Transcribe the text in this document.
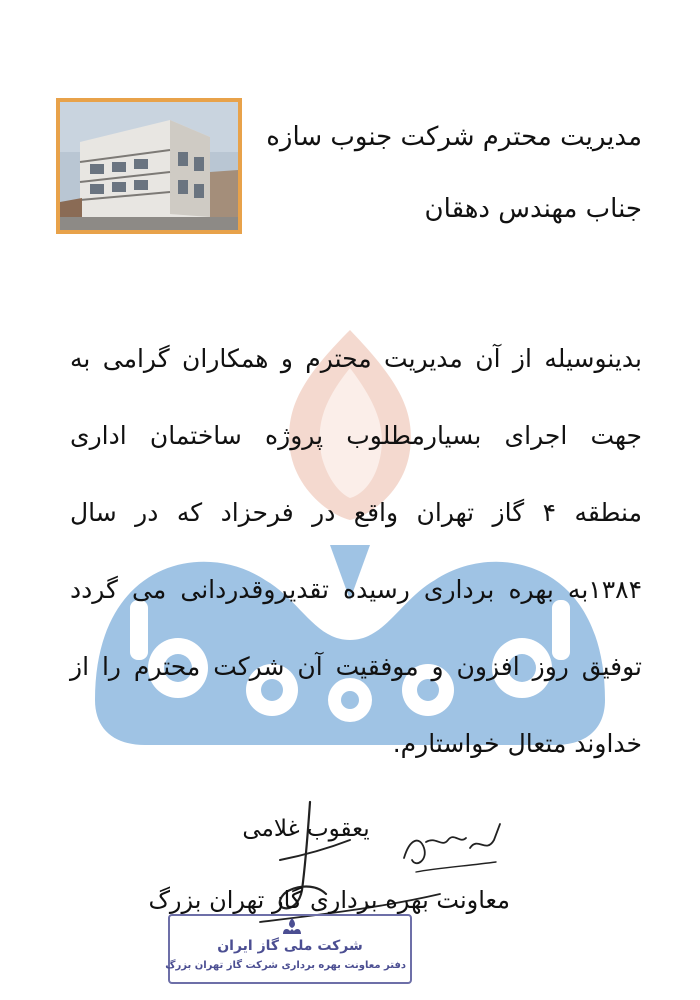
مدیریت محترم شرکت جنوب سازه
جناب مهندس دهقان
بدینوسیله از آن مدیریت محترم و همکاران گرامی به
جهت اجرای بسیارمطلوب پروژه ساختمان اداری
منطقه ۴ گاز تهران واقع در فرحزاد که در سال
۱۳۸۴به بهره برداری رسیده تقدیروقدردانی می گردد
توفیق روز افزون و موفقیت آن شرکت محترم را از
خداوند متعال خواستارم.
یعقوب غلامی
معاونت بهره برداری گاز تهران بزرگ
شرکت ملی گاز ایران
دفتر معاونت بهره برداری شرکت گاز تهران بزرگ
